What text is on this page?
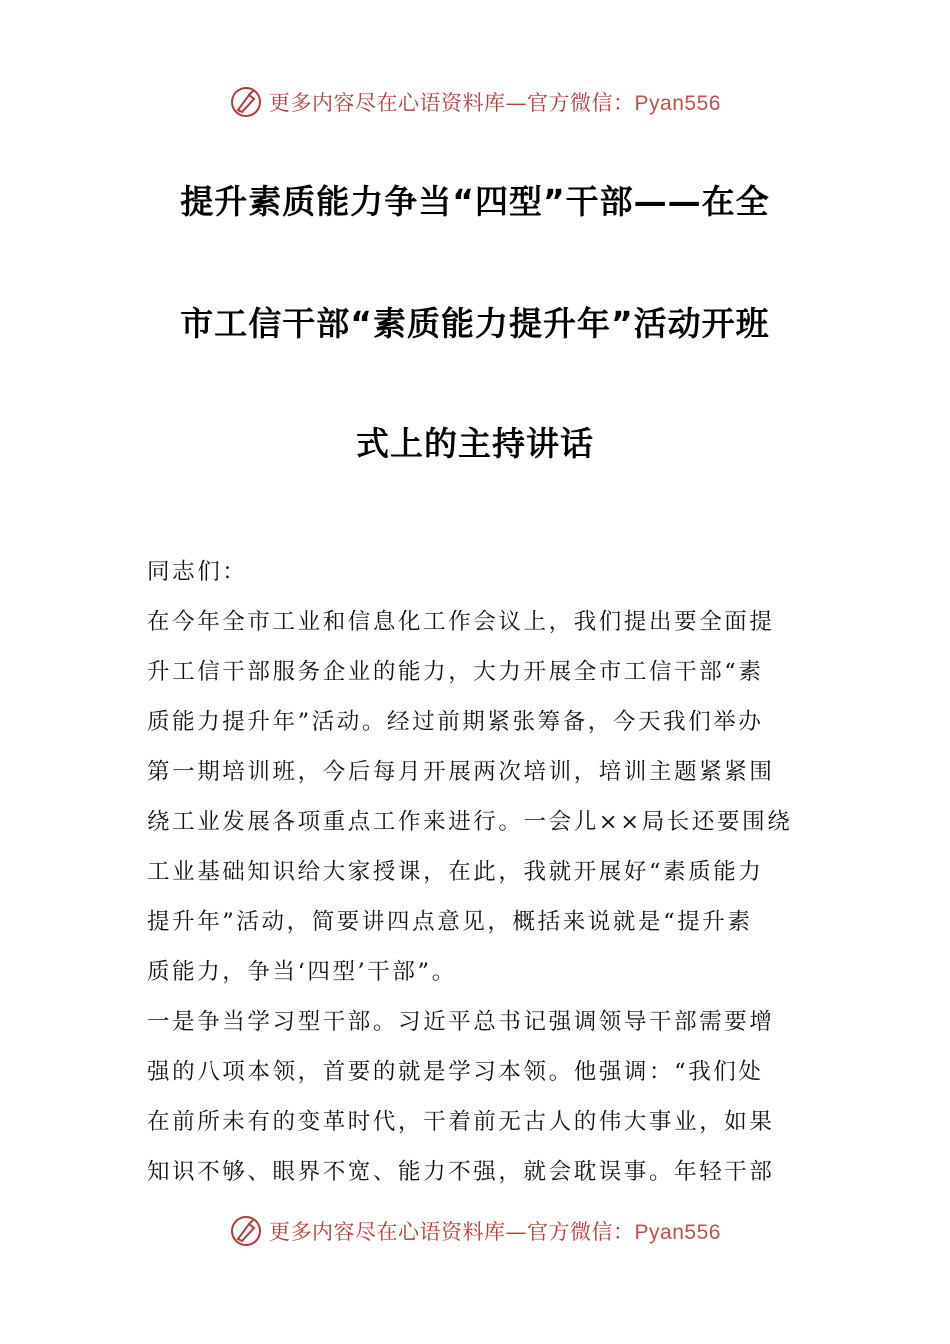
更多内容尽在心语资料库—官方微信：Pyan556
提升素质能力争当“四型”干部——在全
市工信干部“素质能力提升年”活动开班
式上的主持讲话
同志们：
在今年全市工业和信息化工作会议上，我们提出要全面提
升工信干部服务企业的能力，大力开展全市工信干部“素
质能力提升年”活动。经过前期紧张筹备，今天我们举办
第一期培训班，今后每月开展两次培训，培训主题紧紧围
绕工业发展各项重点工作来进行。一会儿××局长还要围绕
工业基础知识给大家授课，在此，我就开展好“素质能力
提升年”活动，简要讲四点意见，概括来说就是“提升素
质能力，争当‘四型’干部”。
一是争当学习型干部。习近平总书记强调领导干部需要增
强的八项本领，首要的就是学习本领。他强调：“我们处
在前所未有的变革时代，干着前无古人的伟大事业，如果
知识不够、眼界不宽、能力不强，就会耽误事。年轻干部
更多内容尽在心语资料库—官方微信：Pyan556
